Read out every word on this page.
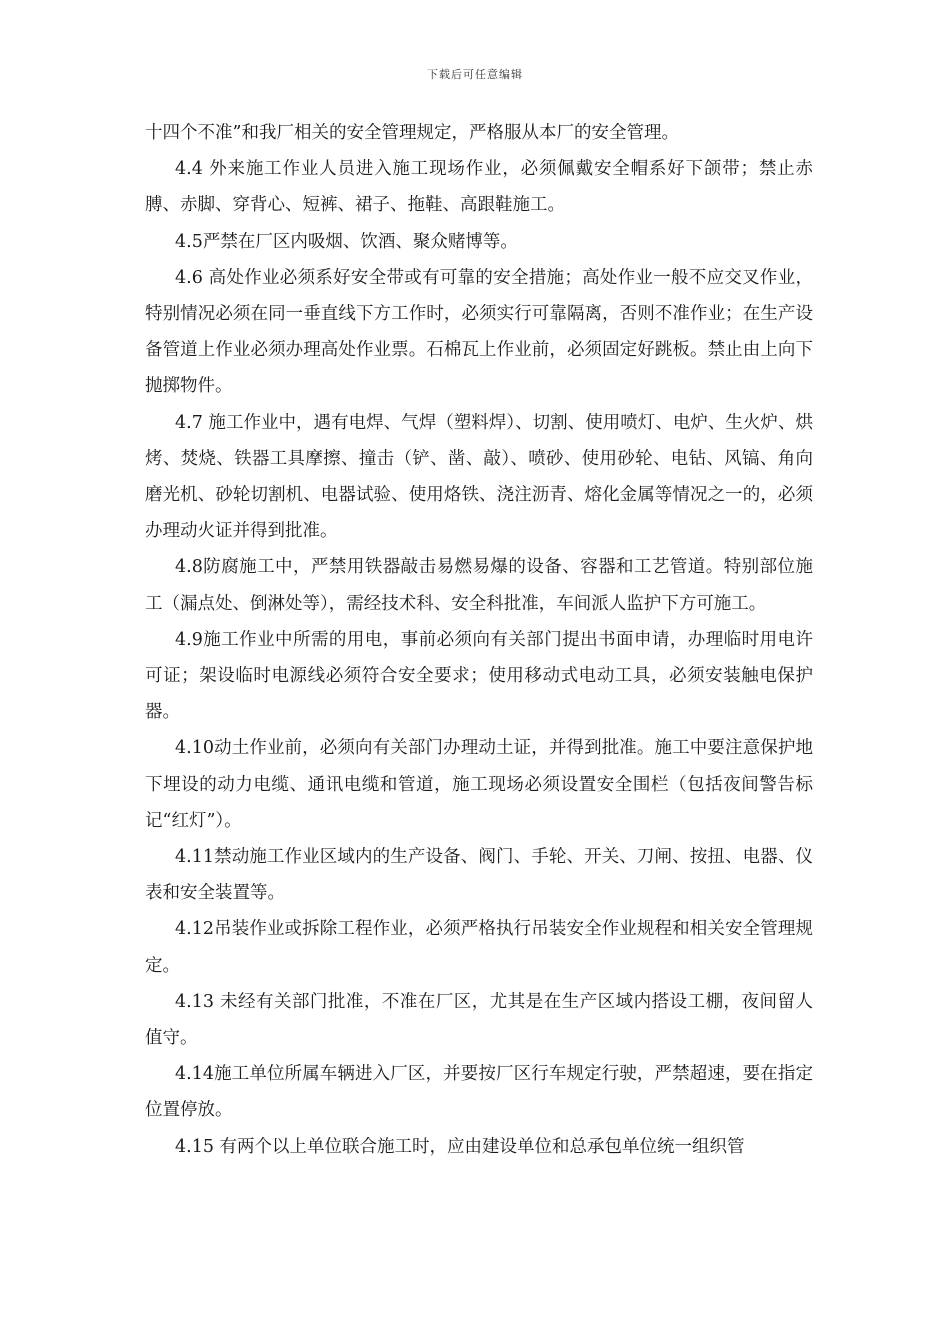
下载后可任意编辑

十四个不准”和我厂相关的安全管理规定，严格服从本厂的安全管理。

4.4 外来施工作业人员进入施工现场作业，必须佩戴安全帽系好下颌带；禁止赤膊、赤脚、穿背心、短裤、裙子、拖鞋、高跟鞋施工。

4.5严禁在厂区内吸烟、饮酒、聚众赌博等。

4.6 高处作业必须系好安全带或有可靠的安全措施；高处作业一般不应交叉作业，特别情况必须在同一垂直线下方工作时，必须实行可靠隔离，否则不准作业；在生产设备管道上作业必须办理高处作业票。石棉瓦上作业前，必须固定好跳板。禁止由上向下抛掷物件。

4.7 施工作业中，遇有电焊、气焊（塑料焊）、切割、使用喷灯、电炉、生火炉、烘烤、焚烧、铁器工具摩擦、撞击（铲、凿、敲）、喷砂、使用砂轮、电钻、风镐、角向磨光机、砂轮切割机、电器试验、使用烙铁、浇注沥青、熔化金属等情况之一的，必须办理动火证并得到批准。

4.8防腐施工中，严禁用铁器敲击易燃易爆的设备、容器和工艺管道。特别部位施工（漏点处、倒淋处等），需经技术科、安全科批准，车间派人监护下方可施工。

4.9施工作业中所需的用电，事前必须向有关部门提出书面申请，办理临时用电许可证；架设临时电源线必须符合安全要求；使用移动式电动工具，必须安装触电保护器。

4.10动土作业前，必须向有关部门办理动土证，并得到批准。施工中要注意保护地下埋设的动力电缆、通讯电缆和管道，施工现场必须设置安全围栏（包括夜间警告标记“红灯”）。

4.11禁动施工作业区域内的生产设备、阀门、手轮、开关、刀闸、按扭、电器、仪表和安全装置等。

4.12吊装作业或拆除工程作业，必须严格执行吊装安全作业规程和相关安全管理规定。

4.13 未经有关部门批准，不准在厂区，尤其是在生产区域内搭设工棚，夜间留人值守。

4.14施工单位所属车辆进入厂区，并要按厂区行车规定行驶，严禁超速，要在指定位置停放。

4.15 有两个以上单位联合施工时，应由建设单位和总承包单位统一组织管
